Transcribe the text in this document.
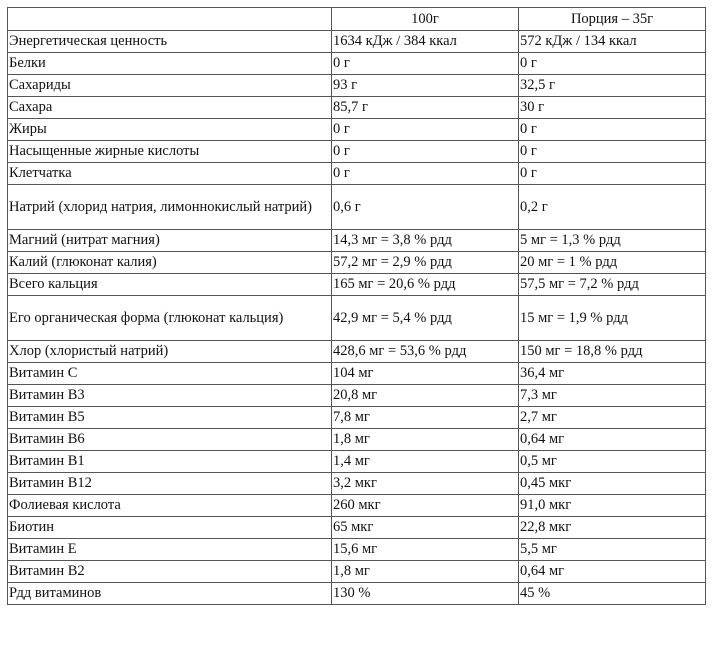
	100г	Порция – 35г
Энергетическая ценность	1634 кДж / 384 ккал	572 кДж / 134 ккал
Белки	0 г	0 г
Сахариды	93 г	32,5 г
Сахара	85,7 г	30 г
Жиры	0 г	0 г
Насыщенные жирные кислоты	0 г	0 г
Клетчатка	0 г	0 г
Натрий (хлорид натрия, лимоннокислый натрий)	0,6 г	0,2 г
Магний (нитрат магния)	14,3 мг = 3,8 % рдд	5 мг = 1,3 % рдд
Калий (глюконат калия)	57,2 мг = 2,9 % рдд	20 мг = 1 % рдд
Всего кальция	165 мг = 20,6 % рдд	57,5 мг = 7,2 % рдд
Его органическая форма (глюконат кальция)	42,9 мг = 5,4 % рдд	15 мг = 1,9 % рдд
Хлор (хлористый натрий)	428,6 мг = 53,6 % рдд	150 мг = 18,8 % рдд
Витамин С	104 мг	36,4 мг
Витамин В3	20,8 мг	7,3 мг
Витамин В5	7,8 мг	2,7 мг
Витамин В6	1,8 мг	0,64 мг
Витамин В1	1,4 мг	0,5 мг
Витамин В12	3,2 мкг	0,45 мкг
Фолиевая кислота	260 мкг	91,0 мкг
Биотин	65 мкг	22,8 мкг
Витамин Е	15,6 мг	5,5 мг
Витамин В2	1,8 мг	0,64 мг
Рдд витаминов	130 %	45 %
